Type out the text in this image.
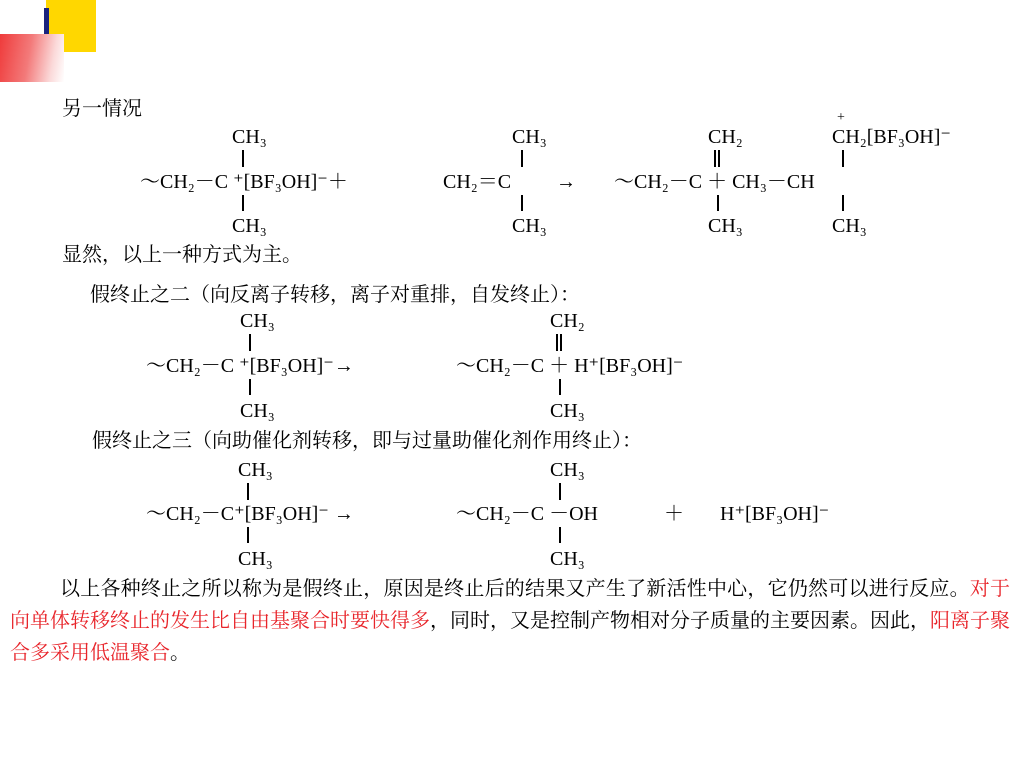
另一情况
CH₃
～CH₂－C ⁺[BF₃OH]⁻＋
CH₃
CH₃
CH₂＝C
CH₃
→
CH₂
～CH₂－C ＋ CH₃－CH
CH₃
+
CH₂[BF₃OH]⁻
CH₃
显然，以上一种方式为主。
假终止之二（向反离子转移，离子对重排，自发终止）：
CH₃
～CH₂－C ⁺[BF₃OH]⁻→
CH₃
CH₂
～CH₂－C ＋ H⁺[BF₃OH]⁻
CH₃
假终止之三（向助催化剂转移，即与过量助催化剂作用终止）：
CH₃
～CH₂－C⁺[BF₃OH]⁻ →
CH₃
CH₃
～CH₂－C －OH
CH₃
＋ H⁺[BF₃OH]⁻
以上各种终止之所以称为是假终止，原因是终止后的结果又产生了新活性中心，它仍然可以进行反应。对于向单体转移终止的发生比自由基聚合时要快得多，同时，又是控制产物相对分子质量的主要因素。因此，阳离子聚合多采用低温聚合。
